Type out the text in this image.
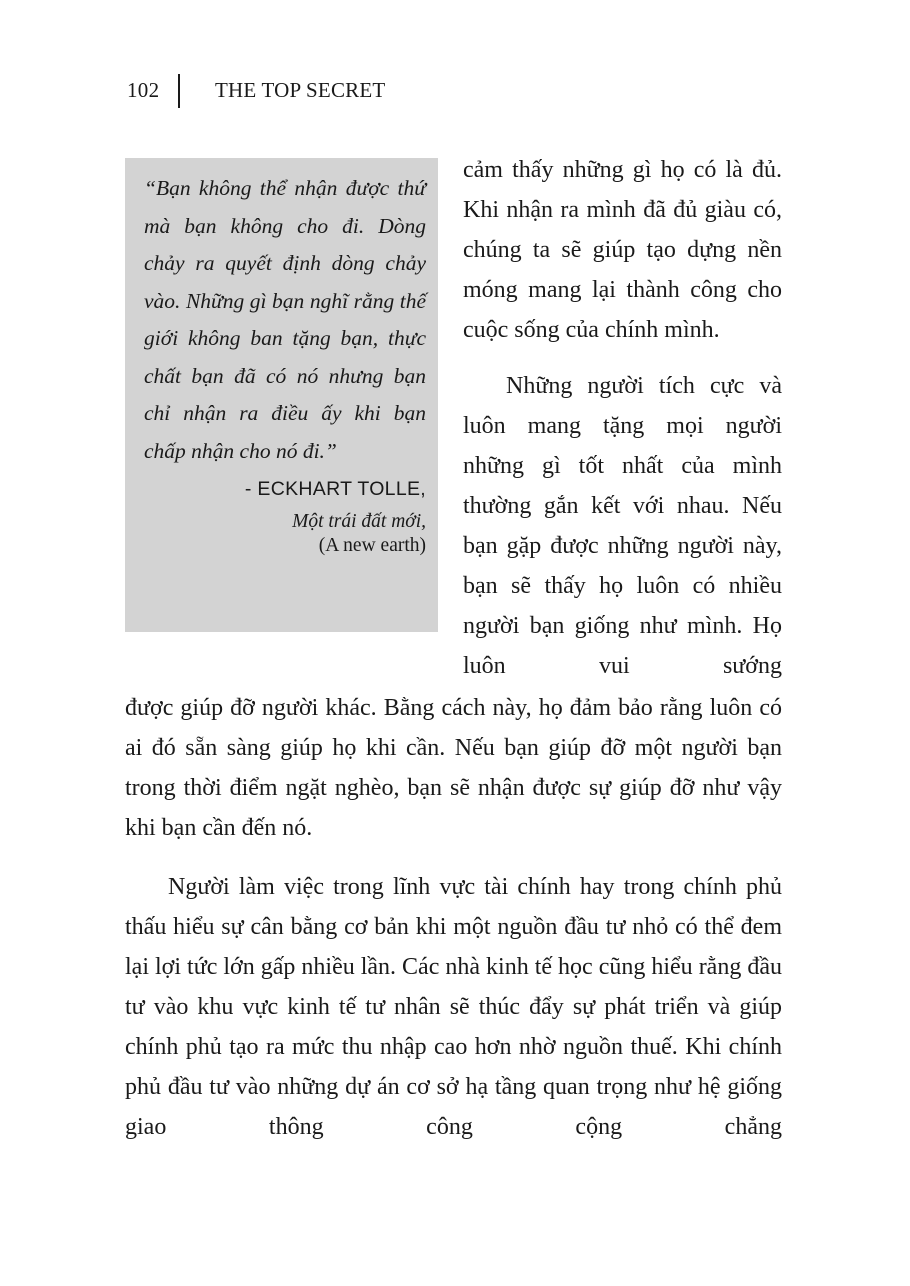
102	THE TOP SECRET

“Bạn không thể nhận được thứ mà bạn không cho đi. Dòng chảy ra quyết định dòng chảy vào. Những gì bạn nghĩ rằng thế giới không ban tặng bạn, thực chất bạn đã có nó nhưng bạn chỉ nhận ra điều ấy khi bạn chấp nhận cho nó đi.”

- ECKHART TOLLE,
Một trái đất mới,
(A new earth)

cảm thấy những gì họ có là đủ. Khi nhận ra mình đã đủ giàu có, chúng ta sẽ giúp tạo dựng nền móng mang lại thành công cho cuộc sống của chính mình.

Những người tích cực và luôn mang tặng mọi người những gì tốt nhất của mình thường gắn kết với nhau. Nếu bạn gặp được những người này, bạn sẽ thấy họ luôn có nhiều người bạn giống như mình. Họ luôn vui sướng

được giúp đỡ người khác. Bằng cách này, họ đảm bảo rằng luôn có ai đó sẵn sàng giúp họ khi cần. Nếu bạn giúp đỡ một người bạn trong thời điểm ngặt nghèo, bạn sẽ nhận được sự giúp đỡ như vậy khi bạn cần đến nó.

Người làm việc trong lĩnh vực tài chính hay trong chính phủ thấu hiểu sự cân bằng cơ bản khi một nguồn đầu tư nhỏ có thể đem lại lợi tức lớn gấp nhiều lần. Các nhà kinh tế học cũng hiểu rằng đầu tư vào khu vực kinh tế tư nhân sẽ thúc đẩy sự phát triển và giúp chính phủ tạo ra mức thu nhập cao hơn nhờ nguồn thuế. Khi chính phủ đầu tư vào những dự án cơ sở hạ tầng quan trọng như hệ giống giao thông công cộng chẳng
